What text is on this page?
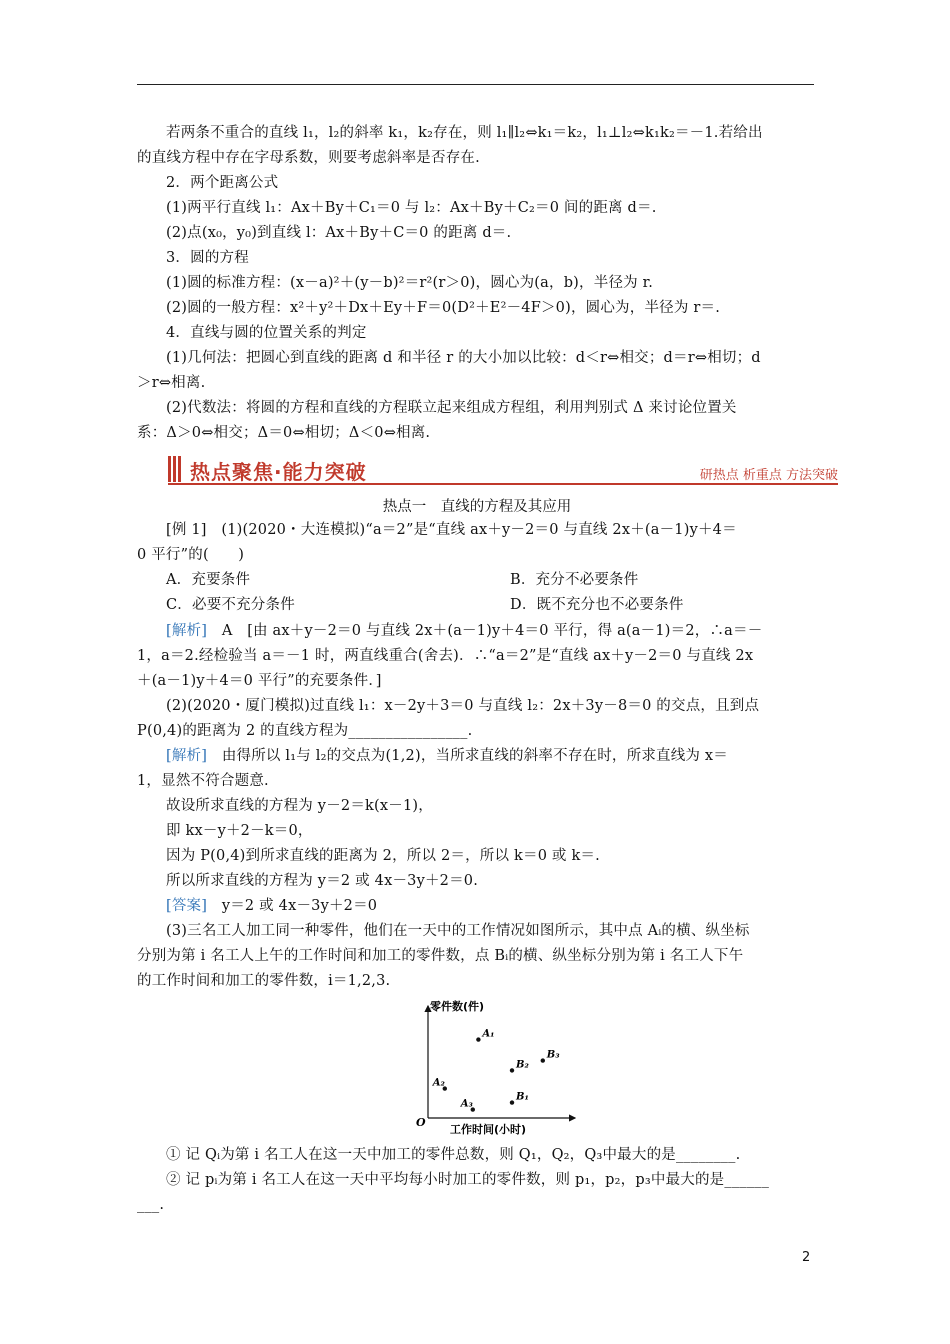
若两条不重合的直线 l₁，l₂的斜率 k₁，k₂存在，则 l₁∥l₂⇔k₁＝k₂，l₁⊥l₂⇔k₁k₂＝－1.若给出
的直线方程中存在字母系数，则要考虑斜率是否存在.
2．两个距离公式
(1)两平行直线 l₁：Ax＋By＋C₁＝0 与 l₂：Ax＋By＋C₂＝0 间的距离 d＝.
(2)点(x₀，y₀)到直线 l：Ax＋By＋C＝0 的距离 d＝.
3．圆的方程
(1)圆的标准方程：(x－a)²＋(y－b)²＝r²(r＞0)，圆心为(a，b)，半径为 r.
(2)圆的一般方程：x²＋y²＋Dx＋Ey＋F＝0(D²＋E²－4F＞0)，圆心为，半径为 r＝.
4．直线与圆的位置关系的判定
(1)几何法：把圆心到直线的距离 d 和半径 r 的大小加以比较：d＜r⇔相交；d＝r⇔相切；d
＞r⇔相离.
(2)代数法：将圆的方程和直线的方程联立起来组成方程组，利用判别式 Δ 来讨论位置关
系：Δ＞0⇔相交；Δ＝0⇔相切；Δ＜0⇔相离.
热点聚焦·能力突破	研热点 析重点 方法突破
热点一　直线的方程及其应用
[例 1]　(1)(2020・大连模拟)“a＝2”是“直线 ax＋y－2＝0 与直线 2x＋(a－1)y＋4＝
0 平行”的(　　)
A．充要条件	B．充分不必要条件
C．必要不充分条件	D．既不充分也不必要条件
[解析]　A　[由 ax＋y－2＝0 与直线 2x＋(a－1)y＋4＝0 平行，得 a(a－1)＝2，∴a＝－
1，a＝2.经检验当 a＝－1 时，两直线重合(舍去)．∴“a＝2”是“直线 ax＋y－2＝0 与直线 2x
＋(a－1)y＋4＝0 平行”的充要条件．]
(2)(2020・厦门模拟)过直线 l₁：x－2y＋3＝0 与直线 l₂：2x＋3y－8＝0 的交点，且到点
P(0,4)的距离为 2 的直线方程为________________.
[解析]　由得所以 l₁与 l₂的交点为(1,2)，当所求直线的斜率不存在时，所求直线为 x＝
1，显然不符合题意.
故设所求直线的方程为 y－2＝k(x－1)，
即 kx－y＋2－k＝0，
因为 P(0,4)到所求直线的距离为 2，所以 2＝，所以 k＝0 或 k＝.
所以所求直线的方程为 y＝2 或 4x－3y＋2＝0.
[答案]　y＝2 或 4x－3y＋2＝0
(3)三名工人加工同一种零件，他们在一天中的工作情况如图所示，其中点 Aᵢ的横、纵坐标
分别为第 i 名工人上午的工作时间和加工的零件数，点 Bᵢ的横、纵坐标分别为第 i 名工人下午
的工作时间和加工的零件数，i＝1,2,3.
零件数(件)
工作时间(小时)
O
A₁
A₂
A₃
B₁
B₂
B₃
① 记 Qᵢ为第 i 名工人在这一天中加工的零件总数，则 Q₁，Q₂，Q₃中最大的是________.
② 记 pᵢ为第 i 名工人在这一天中平均每小时加工的零件数，则 p₁，p₂，p₃中最大的是______
___.
2
